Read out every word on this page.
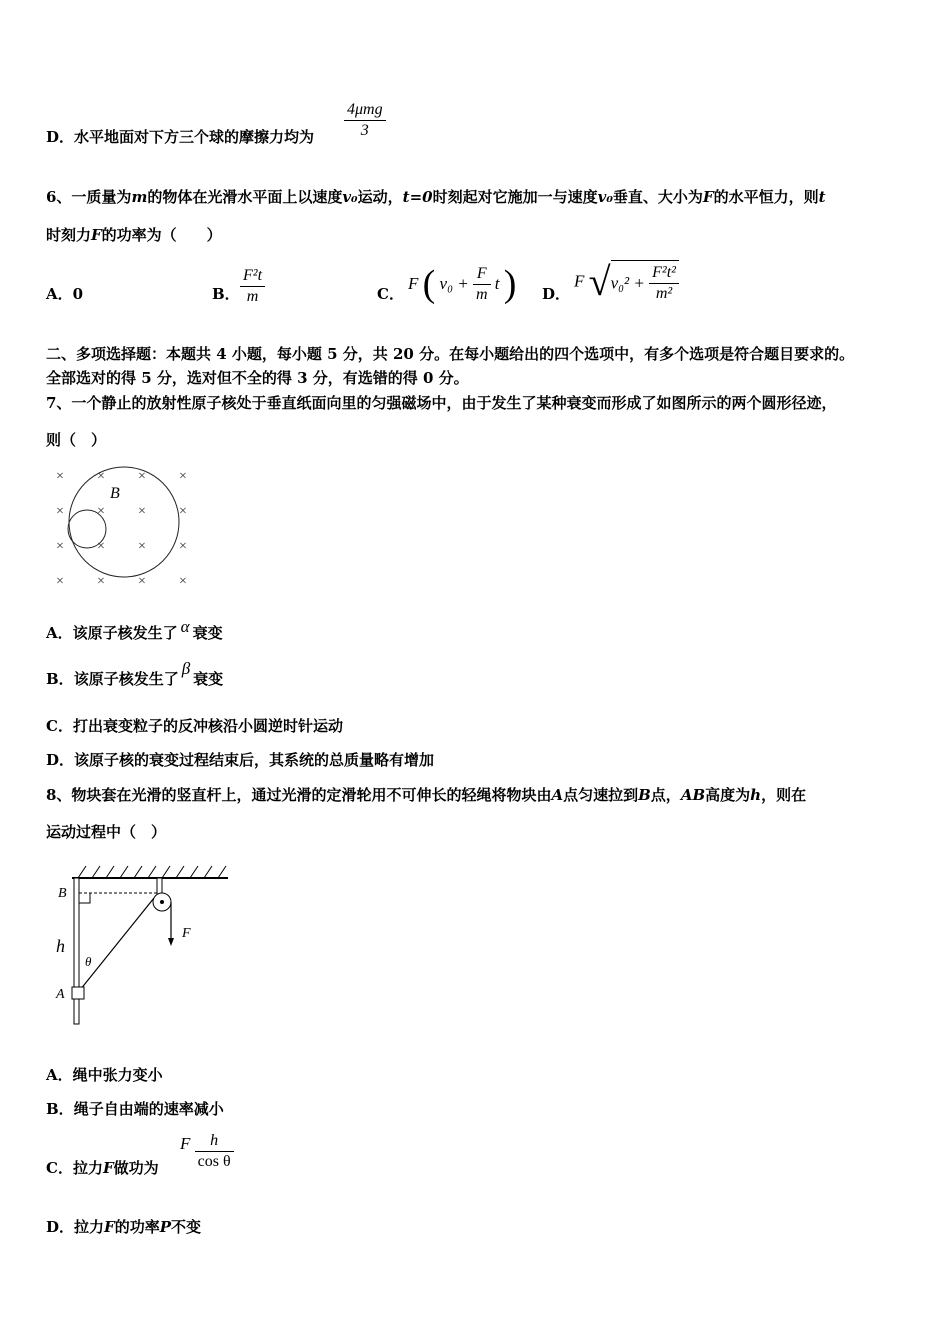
D．水平地面对下方三个球的摩擦力均为
4μmg
3
6、一质量为m的物体在光滑水平面上以速度v₀运动，t=0时刻起对它施加一与速度v₀垂直、大小为F的水平恒力，则t
时刻力F的功率为（　　）
A．0	B． $\frac{\text{F²t}}{m}$	C．
F ( $v_0 + \frac{F}{m}$ t ) D．
F $√v_0^2 + \frac{\text{F²t²}}{\text{m²}}$
二、多项选择题：本题共 4 小题，每小题 5 分，共 20 分。在每小题给出的四个选项中，有多个选项是符合题目要求的。
全部选对的得 5 分，选对但不全的得 3 分，有选错的得 0 分。
7、一个静止的放射性原子核处于垂直纸面向里的匀强磁场中，由于发生了某种衰变而形成了如图所示的两个圆形径迹，
则（　）
× × × ×
× × × ×
× × × ×
× × × ×
B
A．该原子核发生了 α 衰变
B．该原子核发生了β衰变
C．打出衰变粒子的反冲核沿小圆逆时针运动
D．该原子核的衰变过程结束后，其系统的总质量略有增加
8、物块套在光滑的竖直杆上，通过光滑的定滑轮用不可伸长的轻绳将物块由A点匀速拉到B点，AB高度为h，则在
运动过程中（　）
B
h
θ
A
F
A．绳中张力变小
B．绳子自由端的速率减小
C．拉力F做功为
F $\frac{h}{\text{cos θ}}$
D．拉力F的功率P不变
